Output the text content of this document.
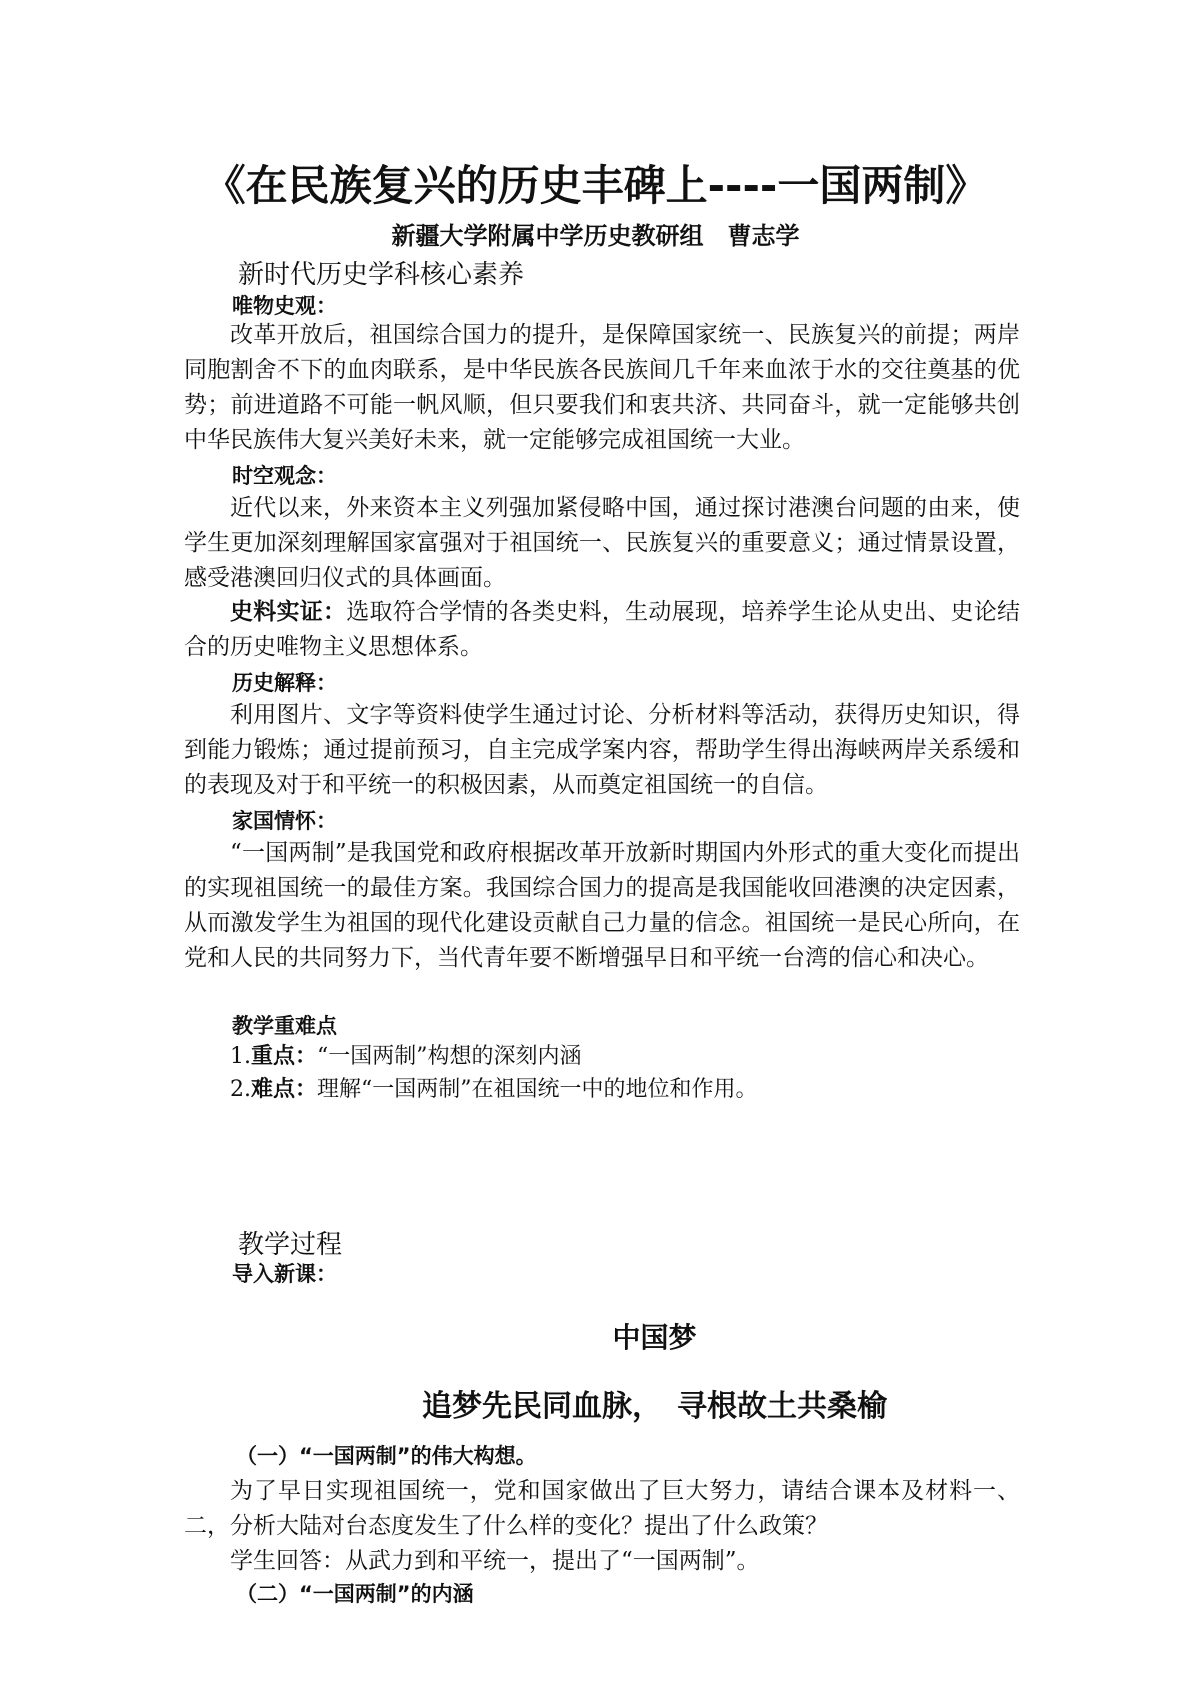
《在民族复兴的历史丰碑上----一国两制》
新疆大学附属中学历史教研组　曹志学
新时代历史学科核心素养
唯物史观：
改革开放后，祖国综合国力的提升，是保障国家统一、民族复兴的前提；两岸同胞割舍不下的血肉联系，是中华民族各民族间几千年来血浓于水的交往奠基的优势；前进道路不可能一帆风顺，但只要我们和衷共济、共同奋斗，就一定能够共创中华民族伟大复兴美好未来，就一定能够完成祖国统一大业。
时空观念：
近代以来，外来资本主义列强加紧侵略中国，通过探讨港澳台问题的由来，使学生更加深刻理解国家富强对于祖国统一、民族复兴的重要意义；通过情景设置，感受港澳回归仪式的具体画面。
史料实证：选取符合学情的各类史料，生动展现，培养学生论从史出、史论结合的历史唯物主义思想体系。
历史解释：
利用图片、文字等资料使学生通过讨论、分析材料等活动，获得历史知识，得到能力锻炼；通过提前预习，自主完成学案内容，帮助学生得出海峡两岸关系缓和的表现及对于和平统一的积极因素，从而奠定祖国统一的自信。
家国情怀：
“一国两制”是我国党和政府根据改革开放新时期国内外形式的重大变化而提出的实现祖国统一的最佳方案。我国综合国力的提高是我国能收回港澳的决定因素，从而激发学生为祖国的现代化建设贡献自己力量的信念。祖国统一是民心所向，在党和人民的共同努力下，当代青年要不断增强早日和平统一台湾的信心和决心。
教学重难点
1.重点：“一国两制”构想的深刻内涵
2.难点：理解“一国两制”在祖国统一中的地位和作用。
教学过程
导入新课：
中国梦
追梦先民同血脉，　寻根故土共桑榆
（一）“一国两制”的伟大构想。
为了早日实现祖国统一，党和国家做出了巨大努力，请结合课本及材料一、二，分析大陆对台态度发生了什么样的变化？提出了什么政策？
学生回答：从武力到和平统一，提出了“一国两制”。
（二）“一国两制”的内涵
